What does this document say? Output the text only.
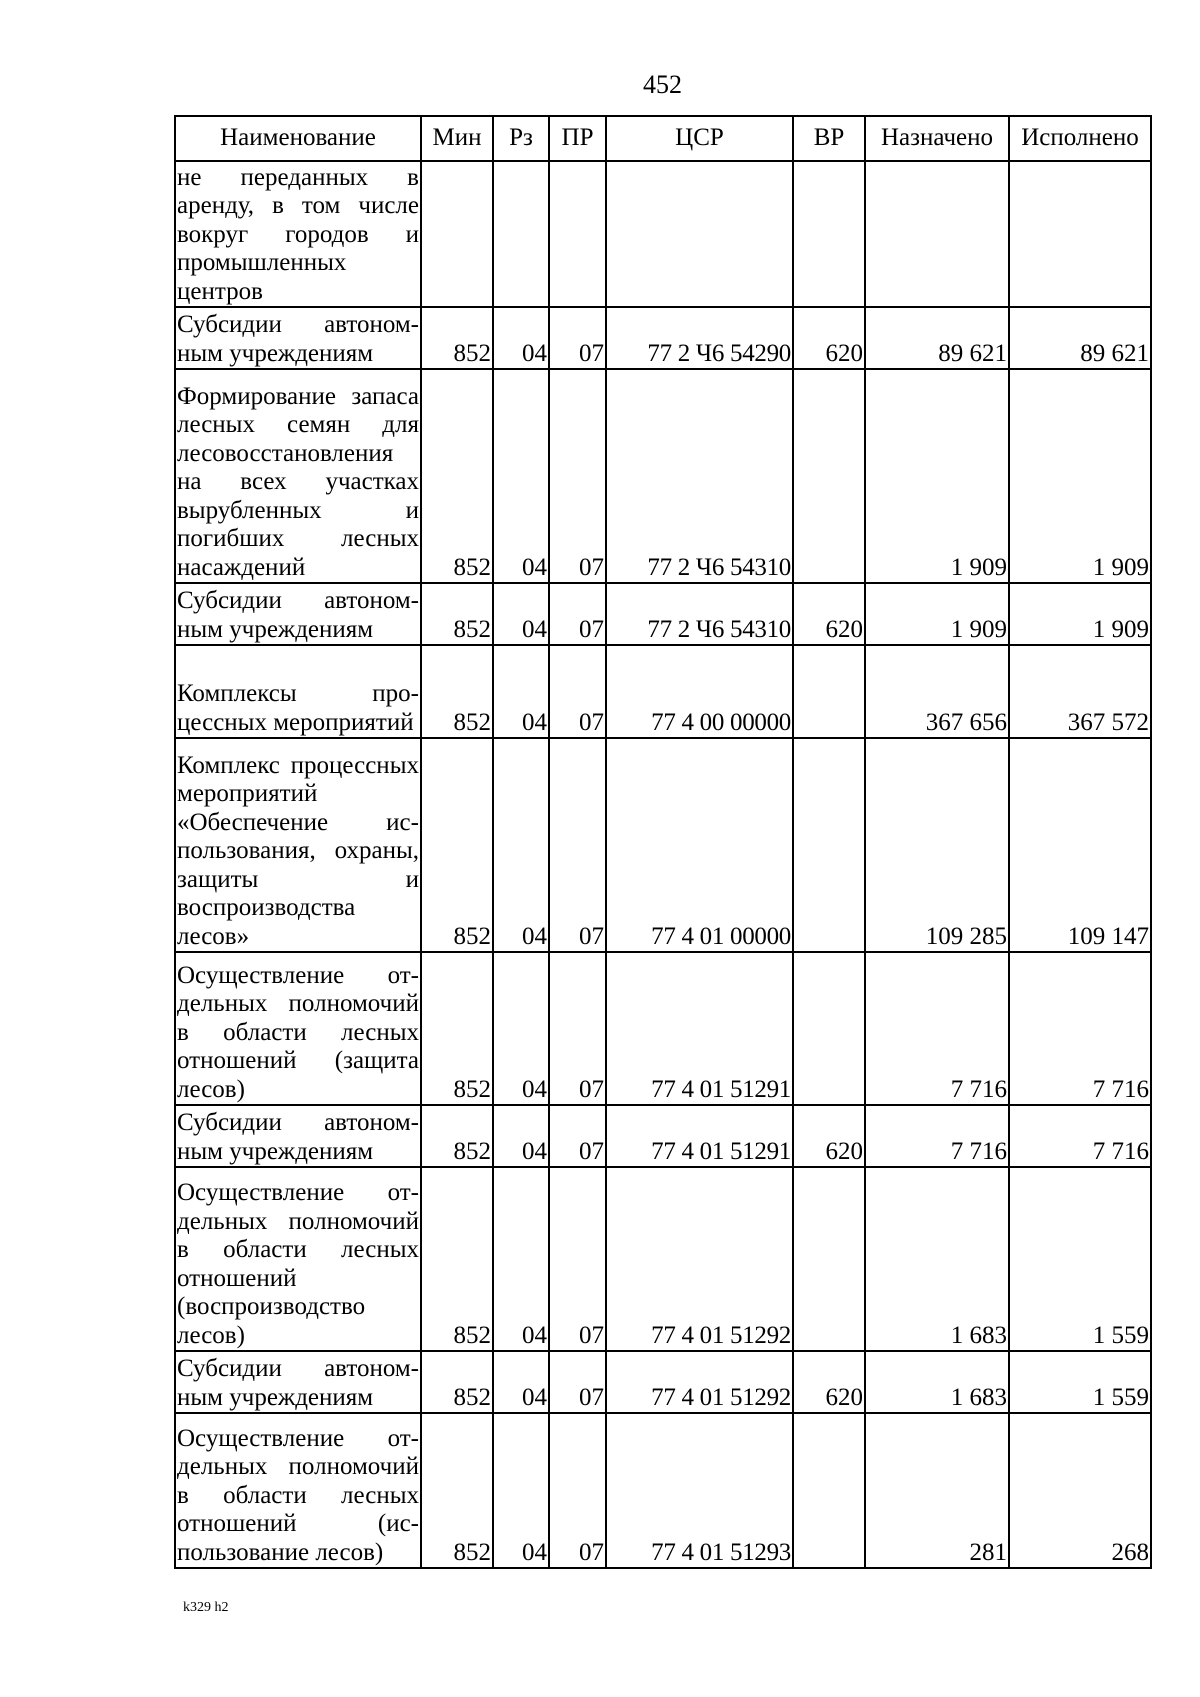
452
Наименование	Мин	Рз	ПР	ЦСР	ВР	Назначено	Исполнено
не переданных в аренду, в том числе вокруг городов и промышленных центров							
Субсидии автономным учреждениям	852	04	07	77 2 Ч6 54290	620	89 621	89 621
Формирование запаса лесных семян для лесовосстановления на всех участках вырубленных и погибших лесных насаждений	852	04	07	77 2 Ч6 54310		1 909	1 909
Субсидии автономным учреждениям	852	04	07	77 2 Ч6 54310	620	1 909	1 909
Комплексы процессных мероприятий	852	04	07	77 4 00 00000		367 656	367 572
Комплекс процессных мероприятий «Обеспечение использования, охраны, защиты и воспроизводства лесов»	852	04	07	77 4 01 00000		109 285	109 147
Осуществление отдельных полномочий в области лесных отношений (защита лесов)	852	04	07	77 4 01 51291		7 716	7 716
Субсидии автономным учреждениям	852	04	07	77 4 01 51291	620	7 716	7 716
Осуществление отдельных полномочий в области лесных отношений (воспроизводство лесов)	852	04	07	77 4 01 51292		1 683	1 559
Субсидии автономным учреждениям	852	04	07	77 4 01 51292	620	1 683	1 559
Осуществление отдельных полномочий в области лесных отношений (использование лесов)	852	04	07	77 4 01 51293		281	268
k329 h2
